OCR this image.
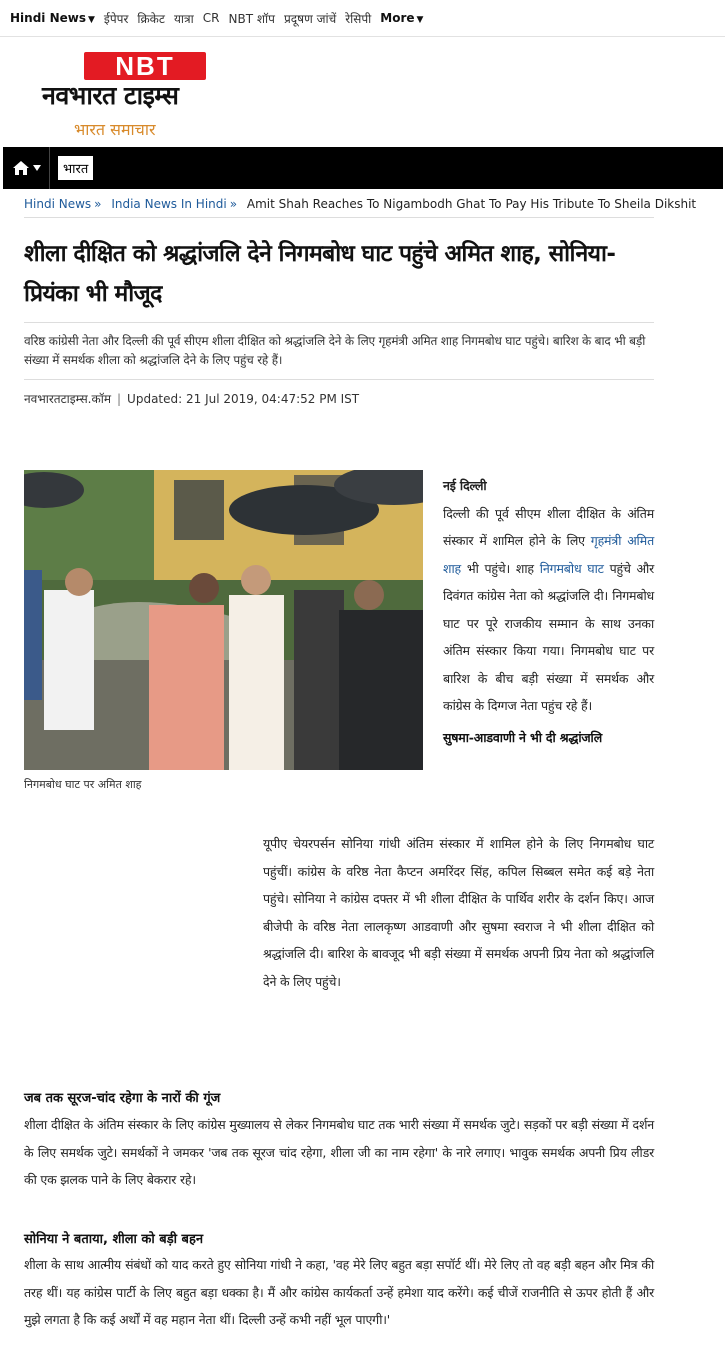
Hindi News ▼ ईपेपर क्रिकेट यात्रा CR NBT शॉप प्रदूषण जांचें रेसिपी More ▼
NBT
नवभारत टाइम्स
भारत समाचार
भारत
Hindi News » India News In Hindi » Amit Shah Reaches To Nigambodh Ghat To Pay His Tribute To Sheila Dikshit
शीला दीक्षित को श्रद्धांजलि देने निगमबोध घाट पहुंचे अमित शाह, सोनिया-प्रियंका भी मौजूद

वरिष्ठ कांग्रेसी नेता और दिल्ली की पूर्व सीएम शीला दीक्षित को श्रद्धांजलि देने के लिए गृहमंत्री अमित शाह निगमबोध घाट पहुंचे। बारिश के बाद भी बड़ी संख्या में समर्थक शीला को श्रद्धांजलि देने के लिए पहुंच रहे हैं।

नवभारतटाइम्स.कॉम | Updated: 21 Jul 2019, 04:47:52 PM IST
निगमबोध घाट पर अमित शाह
नई दिल्ली
दिल्ली की पूर्व सीएम शीला दीक्षित के अंतिम संस्कार में शामिल होने के लिए गृहमंत्री अमित शाह भी पहुंचे। शाह निगमबोध घाट पहुंचे और दिवंगत कांग्रेस नेता को श्रद्धांजलि दी। निगमबोध घाट पर पूरे राजकीय सम्मान के साथ उनका अंतिम संस्कार किया गया। निगमबोध घाट पर बारिश के बीच बड़ी संख्या में समर्थक और कांग्रेस के दिग्गज नेता पहुंच रहे हैं।
सुषमा-आडवाणी ने भी दी श्रद्धांजलि

यूपीए चेयरपर्सन सोनिया गांधी अंतिम संस्कार में शामिल होने के लिए निगमबोध घाट पहुंचीं। कांग्रेस के वरिष्ठ नेता कैप्टन अमरिंदर सिंह, कपिल सिब्बल समेत कई बड़े नेता पहुंचे। सोनिया ने कांग्रेस दफ्तर में भी शीला दीक्षित के पार्थिव शरीर के दर्शन किए। आज बीजेपी के वरिष्ठ नेता लालकृष्ण आडवाणी और सुषमा स्वराज ने भी शीला दीक्षित को श्रद्धांजलि दी। बारिश के बावजूद भी बड़ी संख्या में समर्थक अपनी प्रिय नेता को श्रद्धांजलि देने के लिए पहुंचे।

जब तक सूरज-चांद रहेगा के नारों की गूंज

शीला दीक्षित के अंतिम संस्कार के लिए कांग्रेस मुख्यालय से लेकर निगमबोध घाट तक भारी संख्या में समर्थक जुटे। सड़कों पर बड़ी संख्या में दर्शन के लिए समर्थक जुटे। समर्थकों ने जमकर 'जब तक सूरज चांद रहेगा, शीला जी का नाम रहेगा' के नारे लगाए। भावुक समर्थक अपनी प्रिय लीडर की एक झलक पाने के लिए बेकरार रहे।

सोनिया ने बताया, शीला को बड़ी बहन

शीला के साथ आत्मीय संबंधों को याद करते हुए सोनिया गांधी ने कहा, 'वह मेरे लिए बहुत बड़ा सपॉर्ट थीं। मेरे लिए तो वह बड़ी बहन और मित्र की तरह थीं। यह कांग्रेस पार्टी के लिए बहुत बड़ा धक्का है। मैं और कांग्रेस कार्यकर्ता उन्हें हमेशा याद करेंगे। कई चीजें राजनीति से ऊपर होती हैं और मुझे लगता है कि कई अर्थों में वह महान नेता थीं। दिल्ली उन्हें कभी नहीं भूल पाएगी।'
